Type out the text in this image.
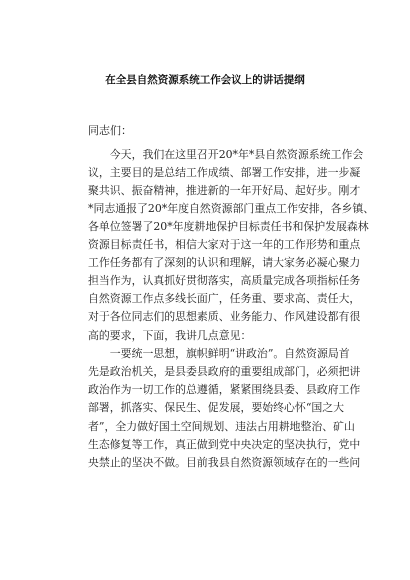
在全县自然资源系统工作会议上的讲话提纲
同志们：
　　今天，我们在这里召开20*年*县自然资源系统工作会
议，主要目的是总结工作成绩、部署工作安排，进一步凝
聚共识、振奋精神，推进新的一年开好局、起好步。刚才
*同志通报了20*年度自然资源部门重点工作安排，各乡镇、
各单位签署了20*年度耕地保护目标责任书和保护发展森林
资源目标责任书，相信大家对于这一年的工作形势和重点
工作任务都有了深刻的认识和理解，请大家务必凝心聚力
担当作为，认真抓好贯彻落实，高质量完成各项指标任务
自然资源工作点多线长面广，任务重、要求高、责任大，
对于各位同志们的思想素质、业务能力、作风建设都有很
高的要求，下面，我讲几点意见：
　　一要统一思想，旗帜鲜明“讲政治”。自然资源局首
先是政治机关，是县委县政府的重要组成部门，必须把讲
政治作为一切工作的总遵循，紧紧围绕县委、县政府工作
部署，抓落实、保民生、促发展，要始终心怀“国之大
者”，全力做好国土空间规划、违法占用耕地整治、矿山
生态修复等工作，真正做到党中央决定的坚决执行，党中
央禁止的坚决不做。目前我县自然资源领域存在的一些问
